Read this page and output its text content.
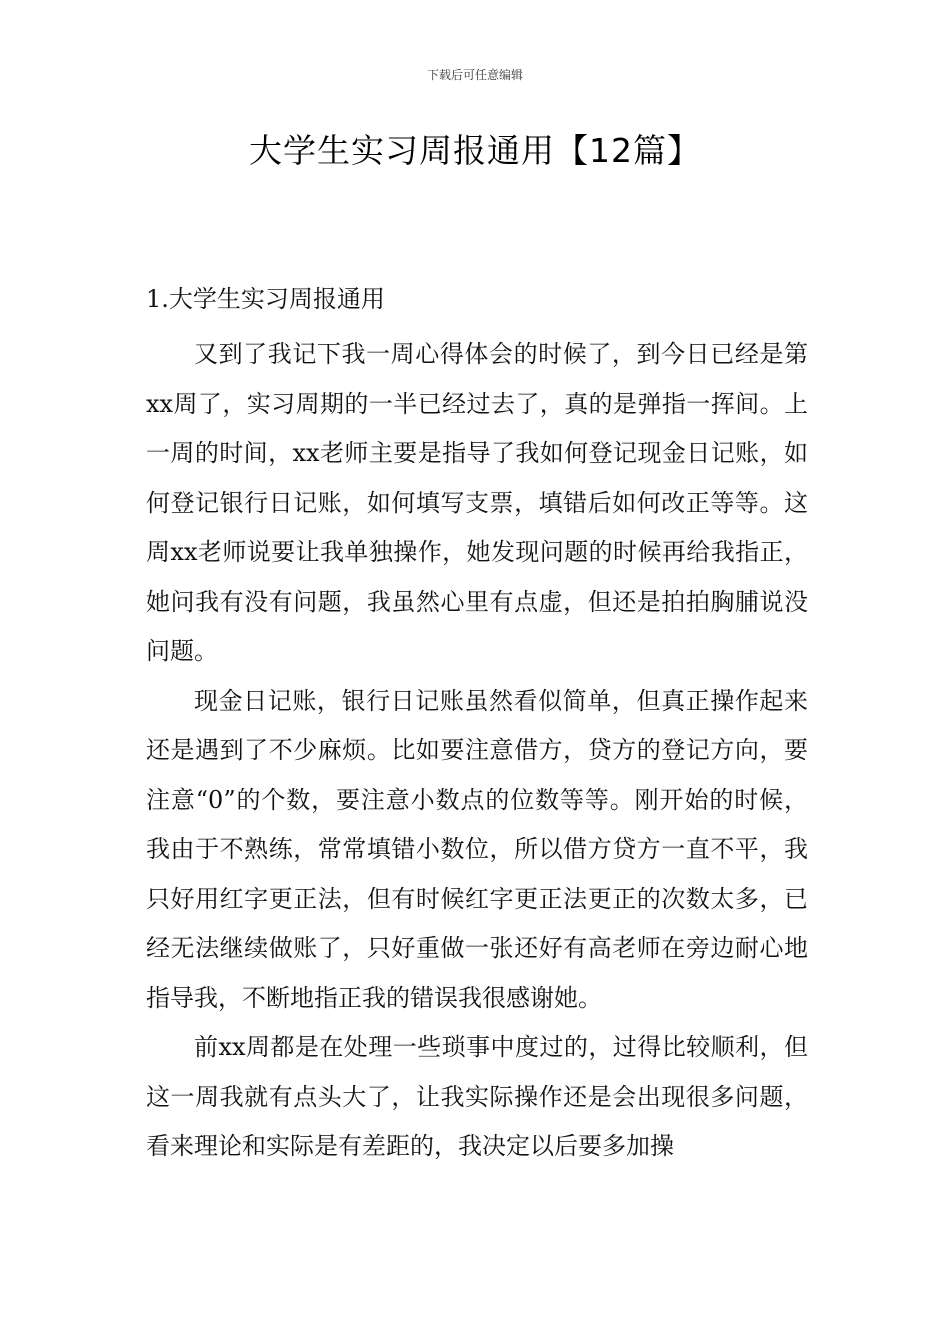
下载后可任意编辑
大学生实习周报通用【12篇】
1.大学生实习周报通用

又到了我记下我一周心得体会的时候了，到今日已经是第xx周了，实习周期的一半已经过去了，真的是弹指一挥间。上一周的时间，xx老师主要是指导了我如何登记现金日记账，如何登记银行日记账，如何填写支票，填错后如何改正等等。这周xx老师说要让我单独操作，她发现问题的时候再给我指正，她问我有没有问题，我虽然心里有点虚，但还是拍拍胸脯说没问题。

现金日记账，银行日记账虽然看似简单，但真正操作起来还是遇到了不少麻烦。比如要注意借方，贷方的登记方向，要注意“0”的个数，要注意小数点的位数等等。刚开始的时候，我由于不熟练，常常填错小数位，所以借方贷方一直不平，我只好用红字更正法，但有时候红字更正法更正的次数太多，已经无法继续做账了，只好重做一张还好有高老师在旁边耐心地指导我，不断地指正我的错误我很感谢她。

前xx周都是在处理一些琐事中度过的，过得比较顺利，但这一周我就有点头大了，让我实际操作还是会出现很多问题，看来理论和实际是有差距的，我决定以后要多加操
